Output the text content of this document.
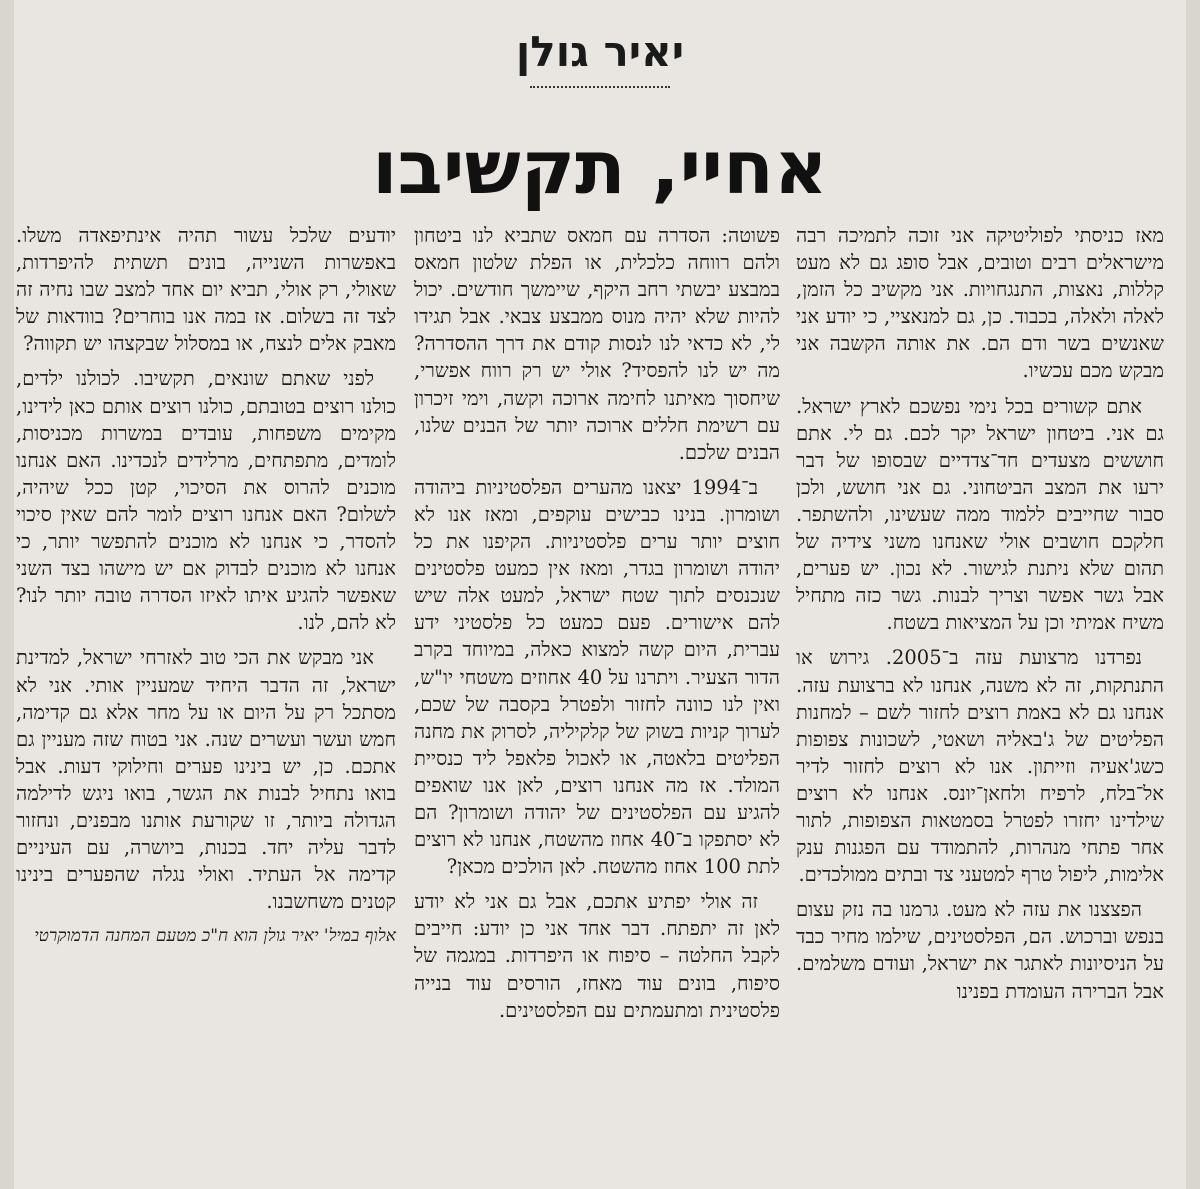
יאיר גולן
אחיי, תקשיבו

מאז כניסתי לפוליטיקה אני זוכה לתמיכה רבה מישראלים רבים וטובים, אבל סופג גם לא מעט קללות, נאצות, התנגחויות. אני מקשיב כל הזמן, לאלה ולאלה, בכבוד. כן, גם למנאציי, כי יודע אני שאנשים בשר ודם הם. את אותה הקשבה אני מבקש מכם עכשיו.

אתם קשורים בכל נימי נפשכם לארץ ישראל. גם אני. ביטחון ישראל יקר לכם. גם לי. אתם חוששים מצעדים חד־צדדיים שבסופו של דבר ירעו את המצב הביטחוני. גם אני חושש, ולכן סבור שחייבים ללמוד ממה שעשינו, ולהשתפר. חלקכם חושבים אולי שאנחנו משני צידיה של תהום שלא ניתנת לגישור. לא נכון. יש פערים, אבל גשר אפשר וצריך לבנות. גשר כזה מתחיל משיח אמיתי וכן על המציאות בשטח.

נפרדנו מרצועת עזה ב־2005. גירוש או התנתקות, זה לא משנה, אנחנו לא ברצועת עזה. אנחנו גם לא באמת רוצים לחזור לשם – למחנות הפליטים של ג'באליה ושאטי, לשכונות צפופות כשג'אעיה וזייתון. אנו לא רוצים לחזור לדיר אל־בלח, לרפיח ולחאן־יונס. אנחנו לא רוצים שילדינו יחזרו לפטרל בסמטאות הצפופות, לתור אחר פתחי מנהרות, להתמודד עם הפגנות ענק אלימות, ליפול טרף למטעני צד ובתים ממולכדים.

הפצצנו את עזה לא מעט. גרמנו בה נזק עצום בנפש וברכוש. הם, הפלסטינים, שילמו מחיר כבד על הניסיונות לאתגר את ישראל, ועודם משלמים. אבל הברירה העומדת בפנינו

פשוטה: הסדרה עם חמאס שתביא לנו ביטחון ולהם רווחה כלכלית, או הפלת שלטון חמאס במבצע יבשתי רחב היקף, שיימשך חודשים. יכול להיות שלא יהיה מנוס ממבצע צבאי. אבל תגידו לי, לא כדאי לנו לנסות קודם את דרך ההסדרה? מה יש לנו להפסיד? אולי יש רק רווח אפשרי, שיחסוך מאיתנו לחימה ארוכה וקשה, וימי זיכרון עם רשימת חללים ארוכה יותר של הבנים שלנו, הבנים שלכם.

ב־1994 יצאנו מהערים הפלסטיניות ביהודה ושומרון. בנינו כבישים עוקפים, ומאז אנו לא חוצים יותר ערים פלסטיניות. הקיפנו את כל יהודה ושומרון בגדר, ומאז אין כמעט פלסטינים שנכנסים לתוך שטח ישראל, למעט אלה שיש להם אישורים. פעם כמעט כל פלסטיני ידע עברית, היום קשה למצוא כאלה, במיוחד בקרב הדור הצעיר. ויתרנו על 40 אחוזים משטחי יו"ש, ואין לנו כוונה לחזור ולפטרל בקסבה של שכם, לערוך קניות בשוק של קלקיליה, לסרוק את מחנה הפליטים בלאטה, או לאכול פלאפל ליד כנסיית המולד. אז מה אנחנו רוצים, לאן אנו שואפים להגיע עם הפלסטינים של יהודה ושומרון? הם לא יסתפקו ב־40 אחוז מהשטח, אנחנו לא רוצים לתת 100 אחוז מהשטח. לאן הולכים מכאן?

זה אולי יפתיע אתכם, אבל גם אני לא יודע לאן זה יתפתח. דבר אחד אני כן יודע: חייבים לקבל החלטה – סיפוח או היפרדות. במגמה של סיפוח, בונים עוד מאחז, הורסים עוד בנייה פלסטינית ומתעמתים עם הפלסטינים.

יודעים שלכל עשור תהיה אינתיפאדה משלו. באפשרות השנייה, בונים תשתית להיפרדות, שאולי, רק אולי, תביא יום אחד למצב שבו נחיה זה לצד זה בשלום. אז במה אנו בוחרים? בוודאות של מאבק אלים לנצח, או במסלול שבקצהו יש תקווה?

לפני שאתם שונאים, תקשיבו. לכולנו ילדים, כולנו רוצים בטובתם, כולנו רוצים אותם כאן לידינו, מקימים משפחות, עובדים במשרות מכניסות, לומדים, מתפתחים, מרלידים לנכדינו. האם אנחנו מוכנים להרוס את הסיכוי, קטן ככל שיהיה, לשלום? האם אנחנו רוצים לומר להם שאין סיכוי להסדר, כי אנחנו לא מוכנים להתפשר יותר, כי אנחנו לא מוכנים לבדוק אם יש מישהו בצד השני שאפשר להגיע איתו לאיזו הסדרה טובה יותר לנו? לא להם, לנו.

אני מבקש את הכי טוב לאזרחי ישראל, למדינת ישראל, זה הדבר היחיד שמעניין אותי. אני לא מסתכל רק על היום או על מחר אלא גם קדימה, חמש ועשר ועשרים שנה. אני בטוח שזה מעניין גם אתכם. כן, יש בינינו פערים וחילוקי דעות. אבל בואו נתחיל לבנות את הגשר, בואו ניגש לדילמה הגדולה ביותר, זו שקורעת אותנו מבפנים, ונחזור לדבר עליה יחד. בכנות, ביושרה, עם העיניים קדימה אל העתיד. ואולי נגלה שהפערים בינינו קטנים משחשבנו.

אלוף במיל' יאיר גולן הוא ח"כ מטעם המחנה הדמוקרטי
